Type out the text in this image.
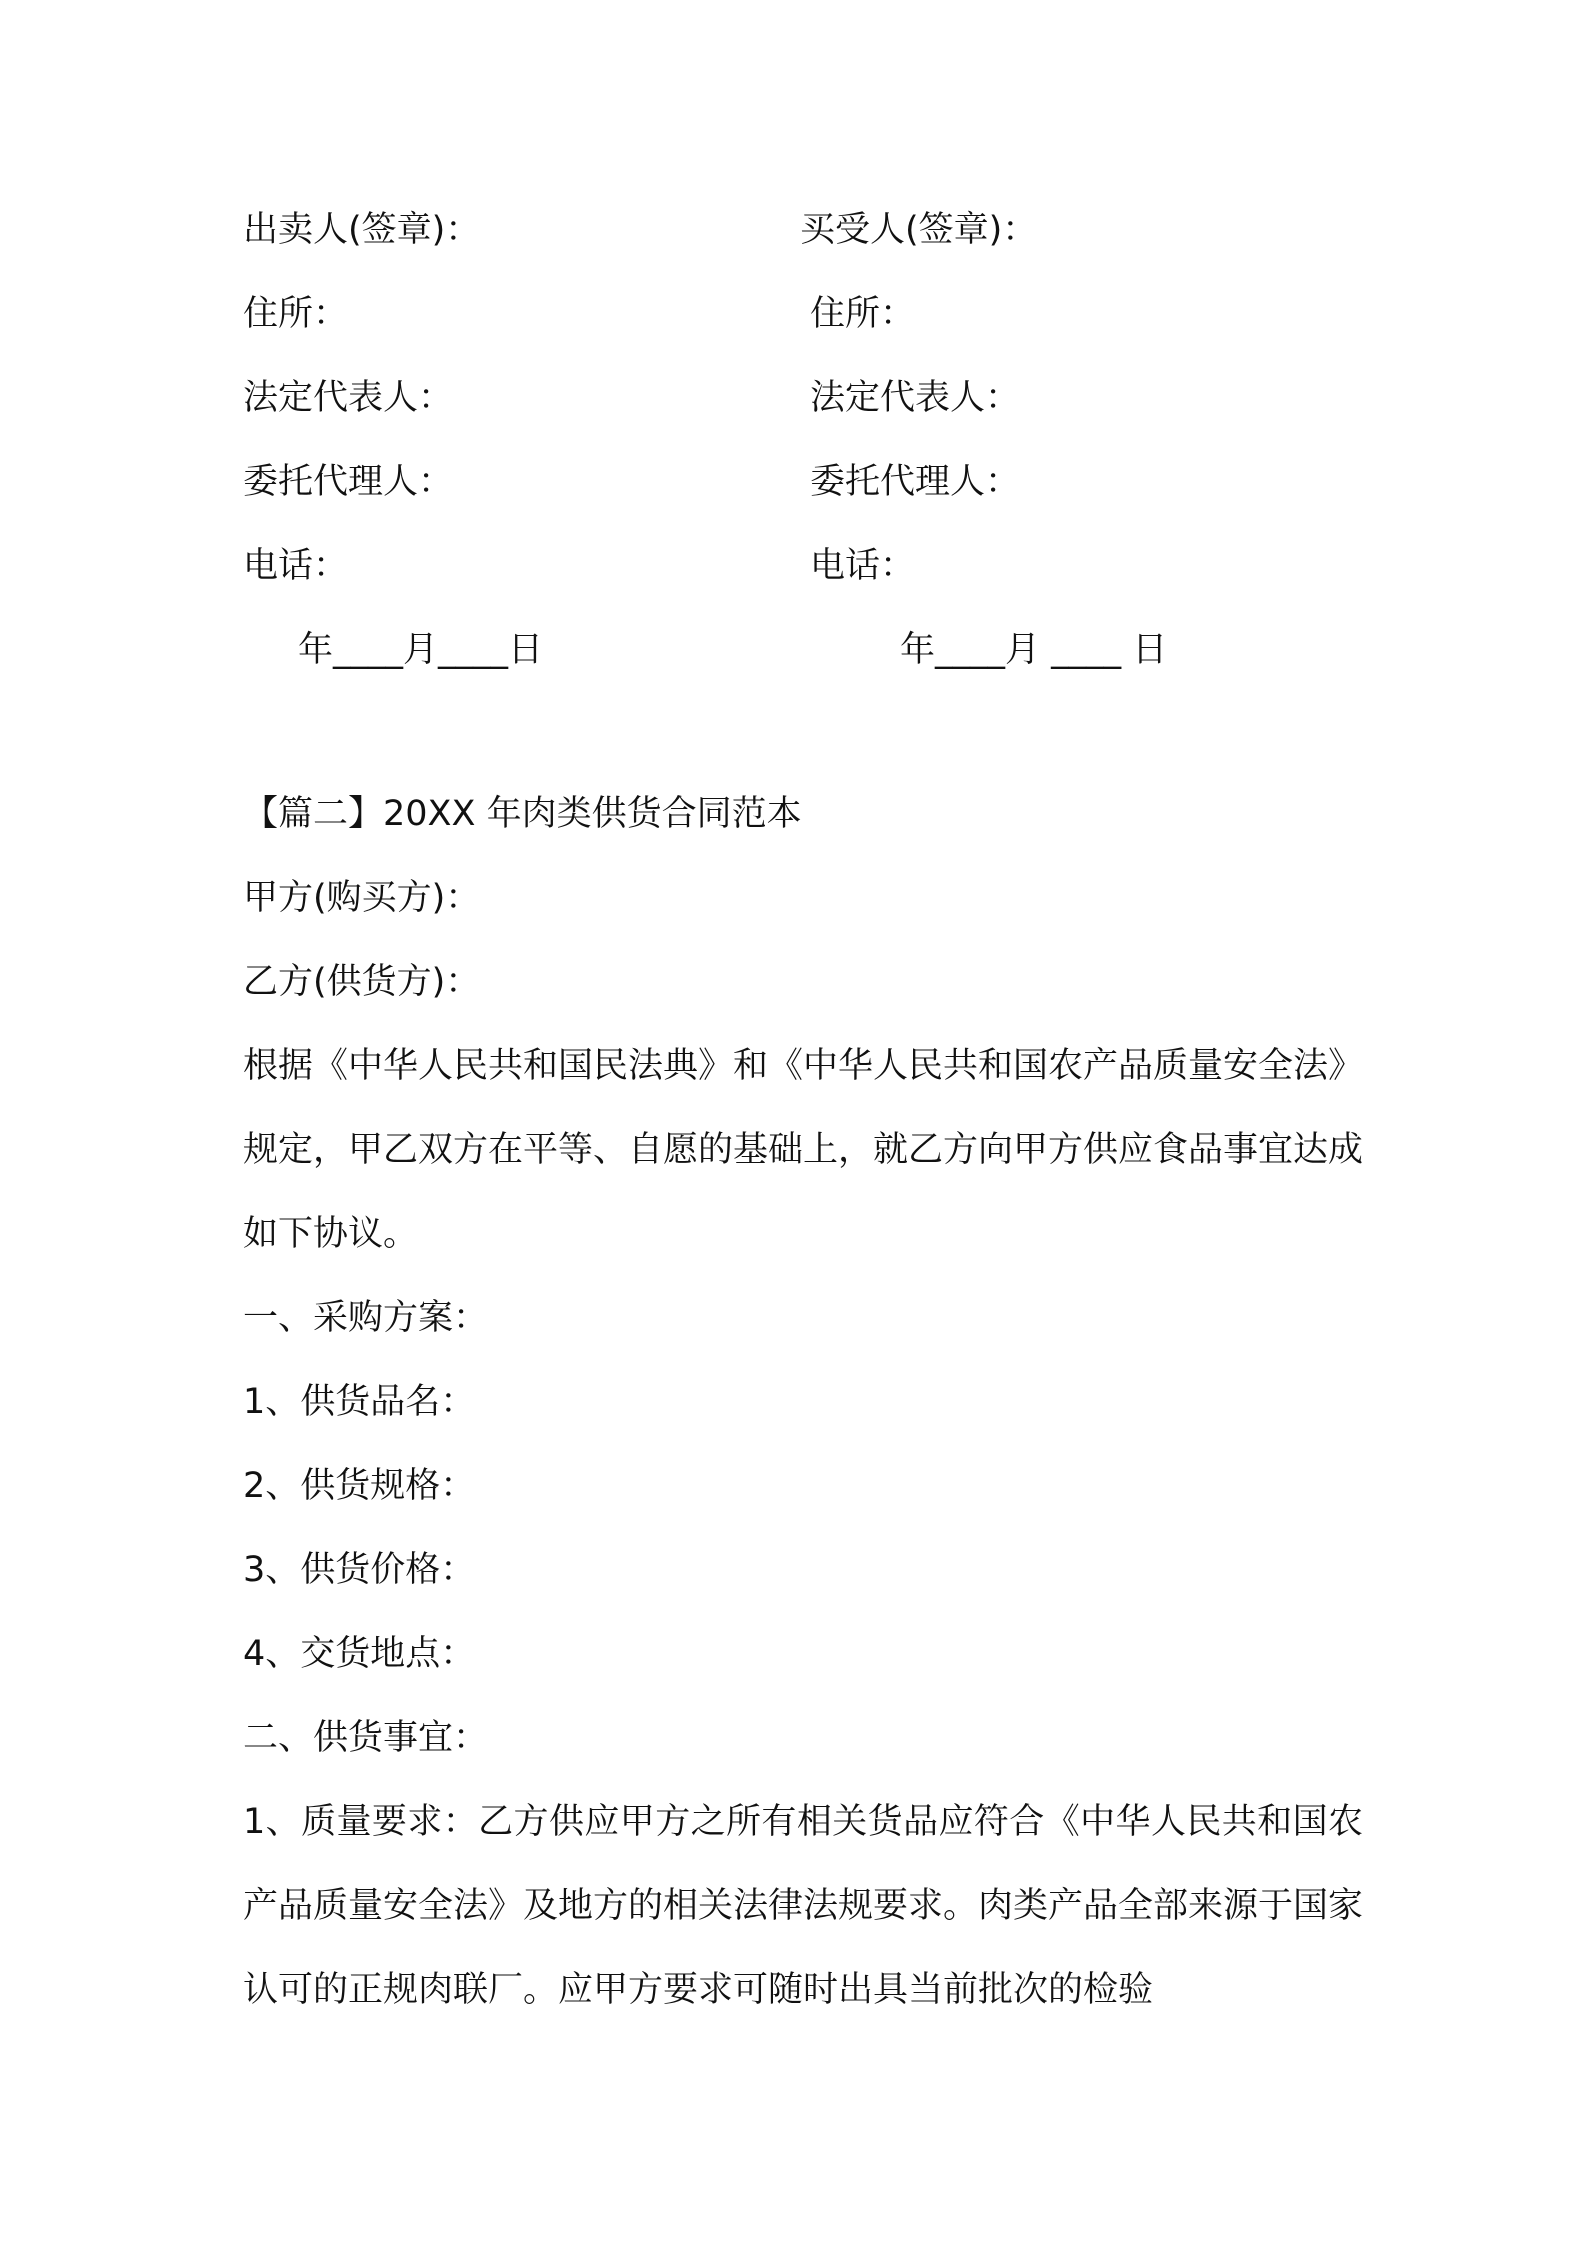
出卖人(签章)：

住所：

法定代表人：

委托代理人：

电话：

年____月____日

买受人(签章)：

住所：

法定代表人：

委托代理人：

电话：

年____月 ____ 日

【篇二】20XX 年肉类供货合同范本

甲方(购买方)：

乙方(供货方)：

根据《中华人民共和国民法典》和《中华人民共和国农产品质量安全法》规定，甲乙双方在平等、自愿的基础上，就乙方向甲方供应食品事宜达成如下协议。

一、采购方案：

1、供货品名：

2、供货规格：

3、供货价格：

4、交货地点：

二、供货事宜：

1、质量要求：乙方供应甲方之所有相关货品应符合《中华人民共和国农产品质量安全法》及地方的相关法律法规要求。肉类产品全部来源于国家认可的正规肉联厂。应甲方要求可随时出具当前批次的检验
